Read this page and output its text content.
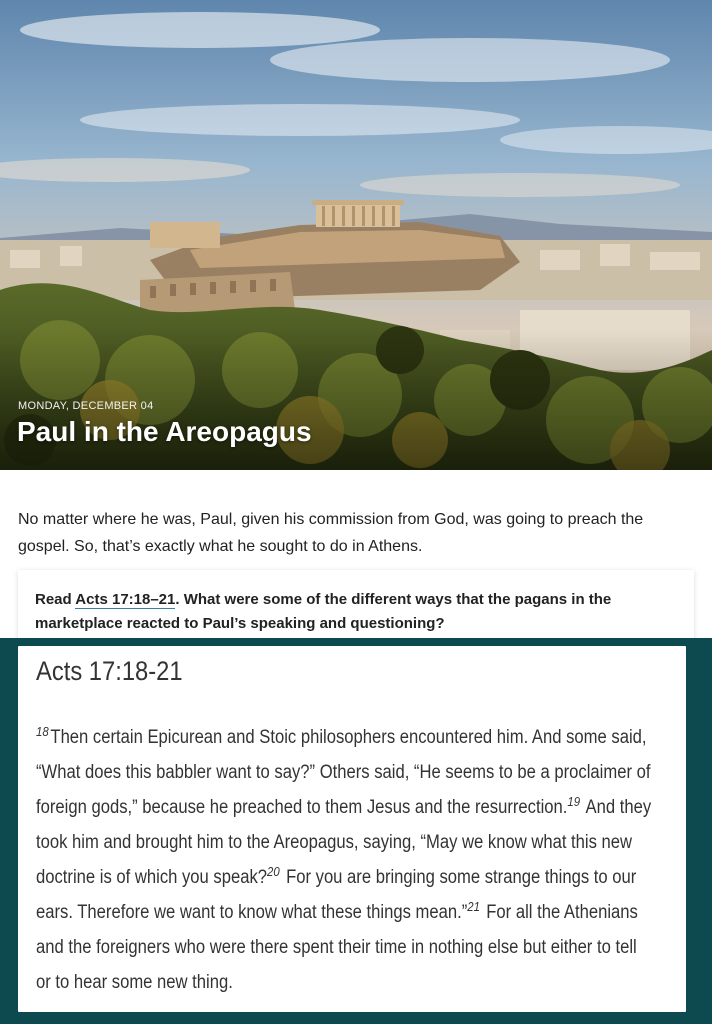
MONDAY, DECEMBER 04
Paul in the Areopagus
No matter where he was, Paul, given his commission from God, was going to preach the gospel. So, that’s exactly what he sought to do in Athens.
Read Acts 17:18–21. What were some of the different ways that the pagans in the marketplace reacted to Paul’s speaking and questioning?
Acts 17:18-21
$^{18}$Then certain Epicurean and Stoic philosophers encountered him. And some said,
“What does this babbler want to say?” Others said, “He seems to be a proclaimer of
foreign gods,” because he preached to them Jesus and the resurrection.$^{19}$ And they
took him and brought him to the Areopagus, saying, “May we know what this new
doctrine is of which you speak?$^{20}$ For you are bringing some strange things to our
ears. Therefore we want to know what these things mean.”$^{21}$ For all the Athenians
and the foreigners who were there spent their time in nothing else but either to tell
or to hear some new thing.
